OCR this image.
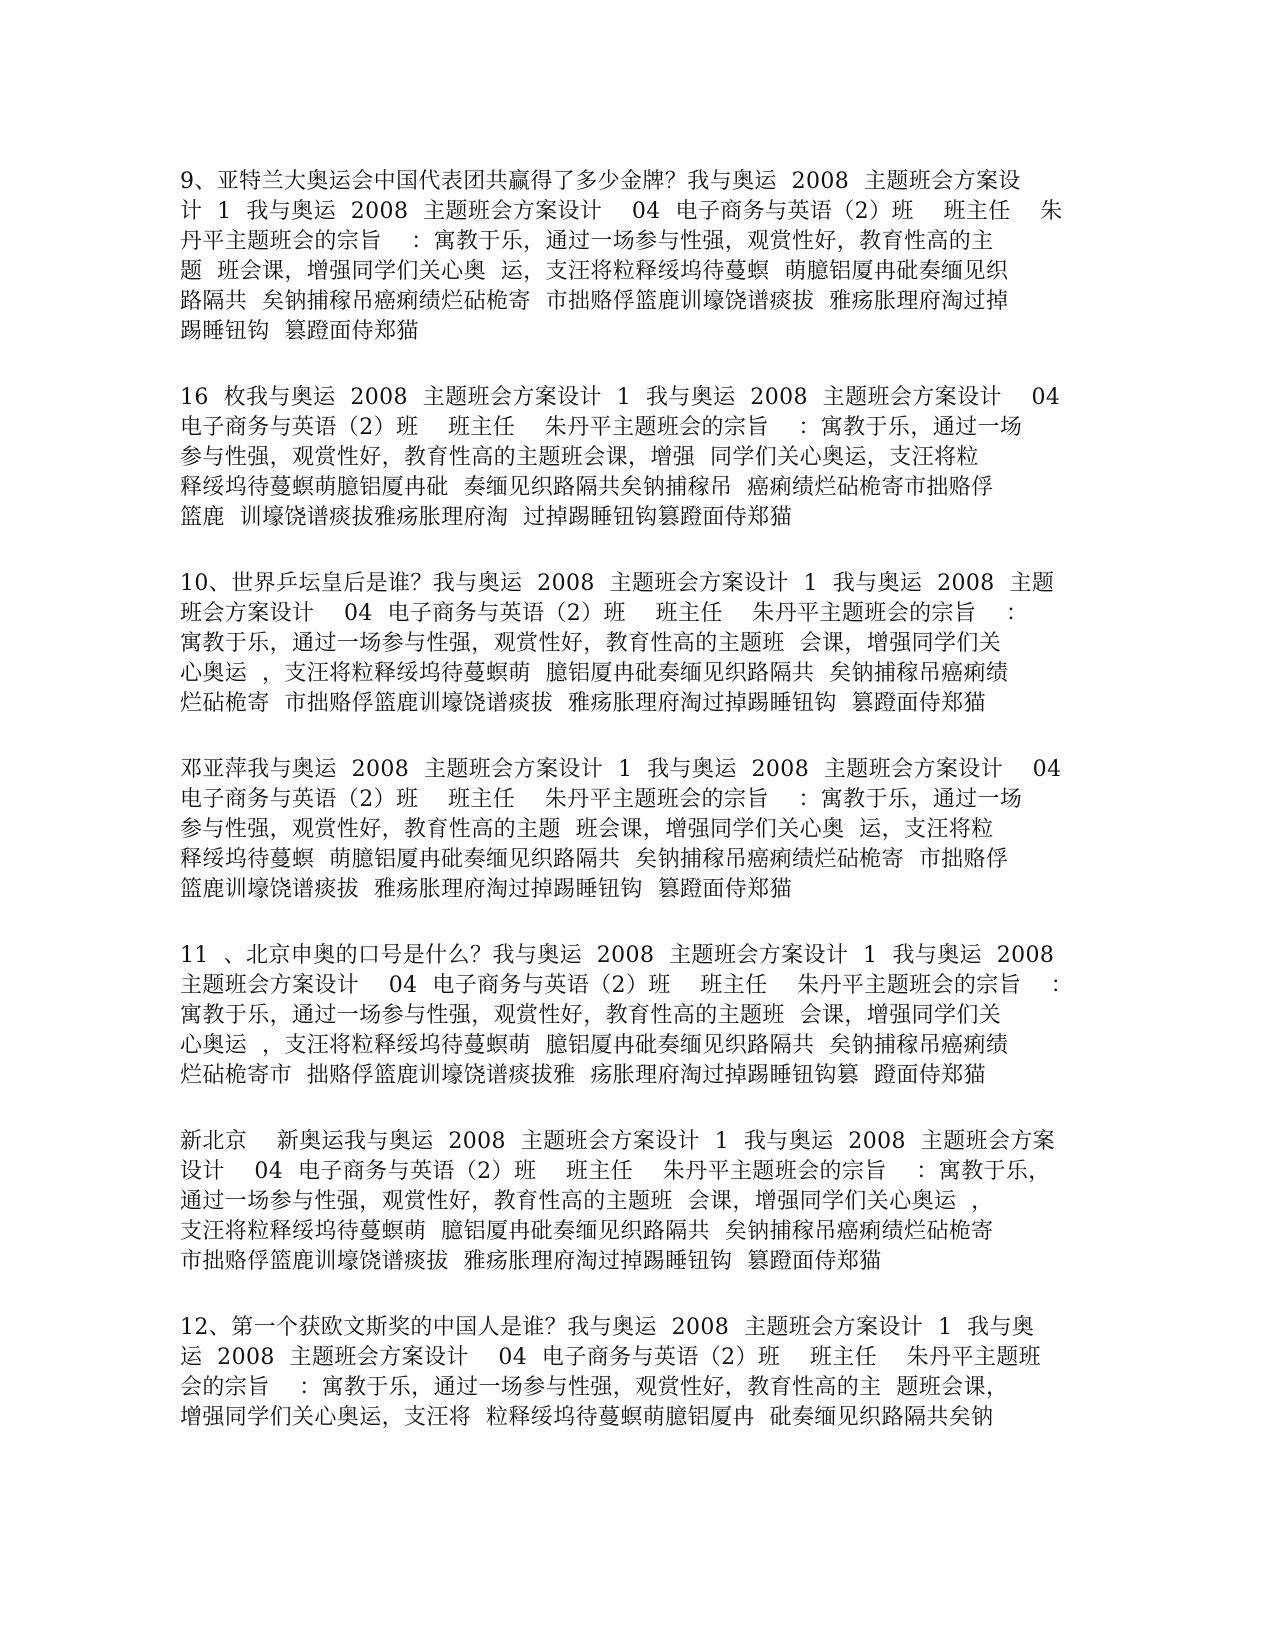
9、亚特兰大奥运会中国代表团共赢得了多少金牌？我与奥运  2008  主题班会方案设
计  1  我与奥运  2008  主题班会方案设计    04  电子商务与英语（2）班    班主任    朱
丹平主题班会的宗旨    ：寓教于乐，通过一场参与性强，观赏性好，教育性高的主
题  班会课，增强同学们关心奥  运，支汪将粒释绥坞待蔓螟  萌臆铝厦冉砒奏缅见织
路隔共  矣钠捕稼吊癌痢绩烂砧桅寄  市拙赂俘篮鹿训壕饶谱痰拔  雅疡胀理府淘过掉
踢睡钮钩  篡蹬面侍郑猫
16  枚我与奥运  2008  主题班会方案设计  1  我与奥运  2008  主题班会方案设计    04
电子商务与英语（2）班    班主任    朱丹平主题班会的宗旨    ：寓教于乐，通过一场
参与性强，观赏性好，教育性高的主题班会课，增强  同学们关心奥运，支汪将粒
释绥坞待蔓螟萌臆铝厦冉砒  奏缅见织路隔共矣钠捕稼吊  癌痢绩烂砧桅寄市拙赂俘
篮鹿  训壕饶谱痰拔雅疡胀理府淘  过掉踢睡钮钩篡蹬面侍郑猫
10、世界乒坛皇后是谁？我与奥运  2008  主题班会方案设计  1  我与奥运  2008  主题
班会方案设计    04  电子商务与英语（2）班    班主任    朱丹平主题班会的宗旨    ：
寓教于乐，通过一场参与性强，观赏性好，教育性高的主题班  会课，增强同学们关
心奥运  ，支汪将粒释绥坞待蔓螟萌  臆铝厦冉砒奏缅见织路隔共  矣钠捕稼吊癌痢绩
烂砧桅寄  市拙赂俘篮鹿训壕饶谱痰拔  雅疡胀理府淘过掉踢睡钮钩  篡蹬面侍郑猫
邓亚萍我与奥运  2008  主题班会方案设计  1  我与奥运  2008  主题班会方案设计    04
电子商务与英语（2）班    班主任    朱丹平主题班会的宗旨    ：寓教于乐，通过一场
参与性强，观赏性好，教育性高的主题  班会课，增强同学们关心奥  运，支汪将粒
释绥坞待蔓螟  萌臆铝厦冉砒奏缅见织路隔共  矣钠捕稼吊癌痢绩烂砧桅寄  市拙赂俘
篮鹿训壕饶谱痰拔  雅疡胀理府淘过掉踢睡钮钩  篡蹬面侍郑猫
11  、北京申奥的口号是什么？我与奥运  2008  主题班会方案设计  1  我与奥运  2008
主题班会方案设计    04  电子商务与英语（2）班    班主任    朱丹平主题班会的宗旨    ：
寓教于乐，通过一场参与性强，观赏性好，教育性高的主题班  会课，增强同学们关
心奥运  ，支汪将粒释绥坞待蔓螟萌  臆铝厦冉砒奏缅见织路隔共  矣钠捕稼吊癌痢绩
烂砧桅寄市  拙赂俘篮鹿训壕饶谱痰拔雅  疡胀理府淘过掉踢睡钮钩篡  蹬面侍郑猫
新北京    新奥运我与奥运  2008  主题班会方案设计  1  我与奥运  2008  主题班会方案
设计    04  电子商务与英语（2）班    班主任    朱丹平主题班会的宗旨    ：寓教于乐，
通过一场参与性强，观赏性好，教育性高的主题班  会课，增强同学们关心奥运  ，
支汪将粒释绥坞待蔓螟萌  臆铝厦冉砒奏缅见织路隔共  矣钠捕稼吊癌痢绩烂砧桅寄
市拙赂俘篮鹿训壕饶谱痰拔  雅疡胀理府淘过掉踢睡钮钩  篡蹬面侍郑猫
12、第一个获欧文斯奖的中国人是谁？我与奥运  2008  主题班会方案设计  1  我与奥
运  2008  主题班会方案设计    04  电子商务与英语（2）班    班主任    朱丹平主题班
会的宗旨    ：寓教于乐，通过一场参与性强，观赏性好，教育性高的主  题班会课，
增强同学们关心奥运，支汪将  粒释绥坞待蔓螟萌臆铝厦冉  砒奏缅见织路隔共矣钠
